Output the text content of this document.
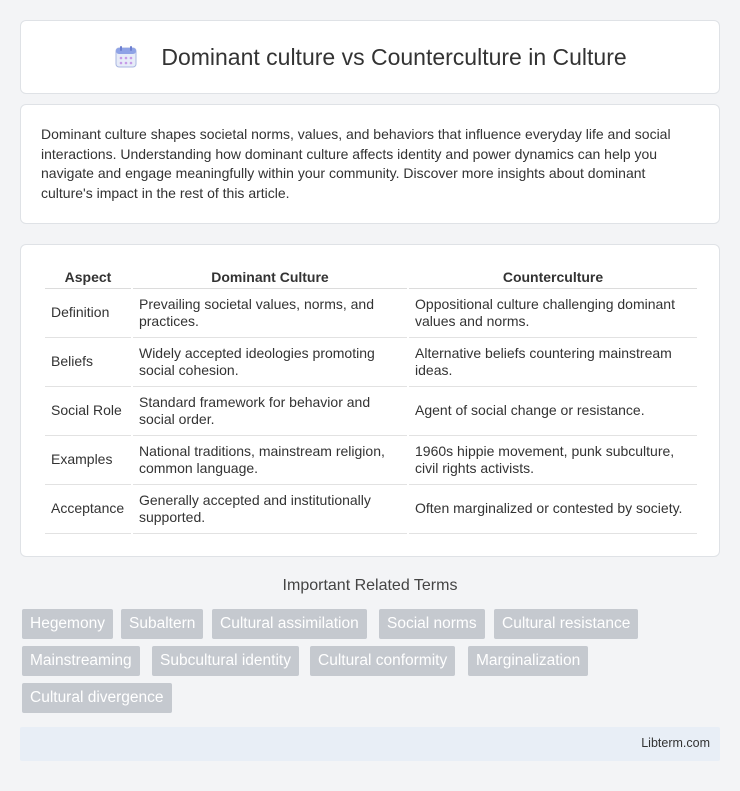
Dominant culture vs Counterculture in Culture

Dominant culture shapes societal norms, values, and behaviors that influence everyday life and social interactions. Understanding how dominant culture affects identity and power dynamics can help you navigate and engage meaningfully within your community. Discover more insights about dominant culture's impact in the rest of this article.

Aspect	Dominant Culture	Counterculture
Definition	Prevailing societal values, norms, and practices.	Oppositional culture challenging dominant values and norms.
Beliefs	Widely accepted ideologies promoting social cohesion.	Alternative beliefs countering mainstream ideas.
Social Role	Standard framework for behavior and social order.	Agent of social change or resistance.
Examples	National traditions, mainstream religion, common language.	1960s hippie movement, punk subculture, civil rights activists.
Acceptance	Generally accepted and institutionally supported.	Often marginalized or contested by society.
Important Related Terms
Hegemony	Subaltern	Cultural assimilation	Social norms	Cultural resistance
Mainstreaming	Subcultural identity	Cultural conformity	Marginalization
Cultural divergence
Libterm.com
